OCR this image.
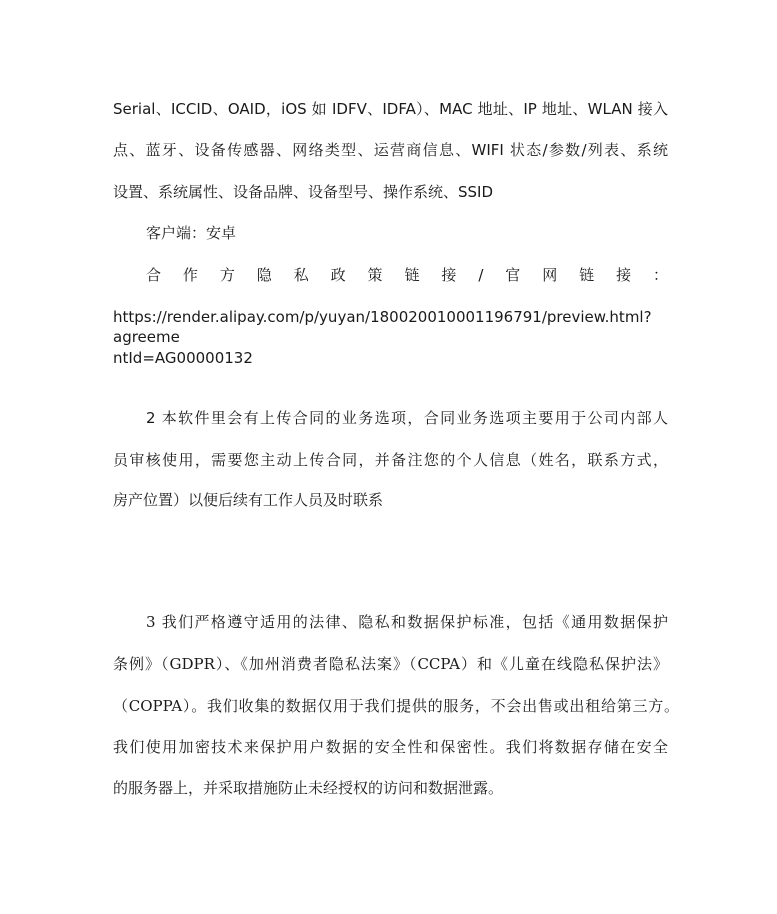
Serial、ICCID、OAID，iOS 如 IDFV、IDFA）、MAC 地址、IP 地址、WLAN 接入
点、蓝牙、设备传感器、网络类型、运营商信息、WIFI 状态/参数/列表、系统
设置、系统属性、设备品牌、设备型号、操作系统、SSID
客户端：安卓
合作方隐私政策链接/官网链接：
https://render.alipay.com/p/yuyan/180020010001196791/preview.html?agreeme
ntId=AG00000132
2 本软件里会有上传合同的业务选项，合同业务选项主要用于公司内部人
员审核使用，需要您主动上传合同，并备注您的个人信息（姓名，联系方式，
房产位置）以便后续有工作人员及时联系
3 我们严格遵守适用的法律、隐私和数据保护标准，包括《通用数据保护
条例》（GDPR）、《加州消费者隐私法案》（CCPA）和《儿童在线隐私保护法》
（COPPA）。我们收集的数据仅用于我们提供的服务，不会出售或出租给第三方。
我们使用加密技术来保护用户数据的安全性和保密性。我们将数据存储在安全
的服务器上，并采取措施防止未经授权的访问和数据泄露。
